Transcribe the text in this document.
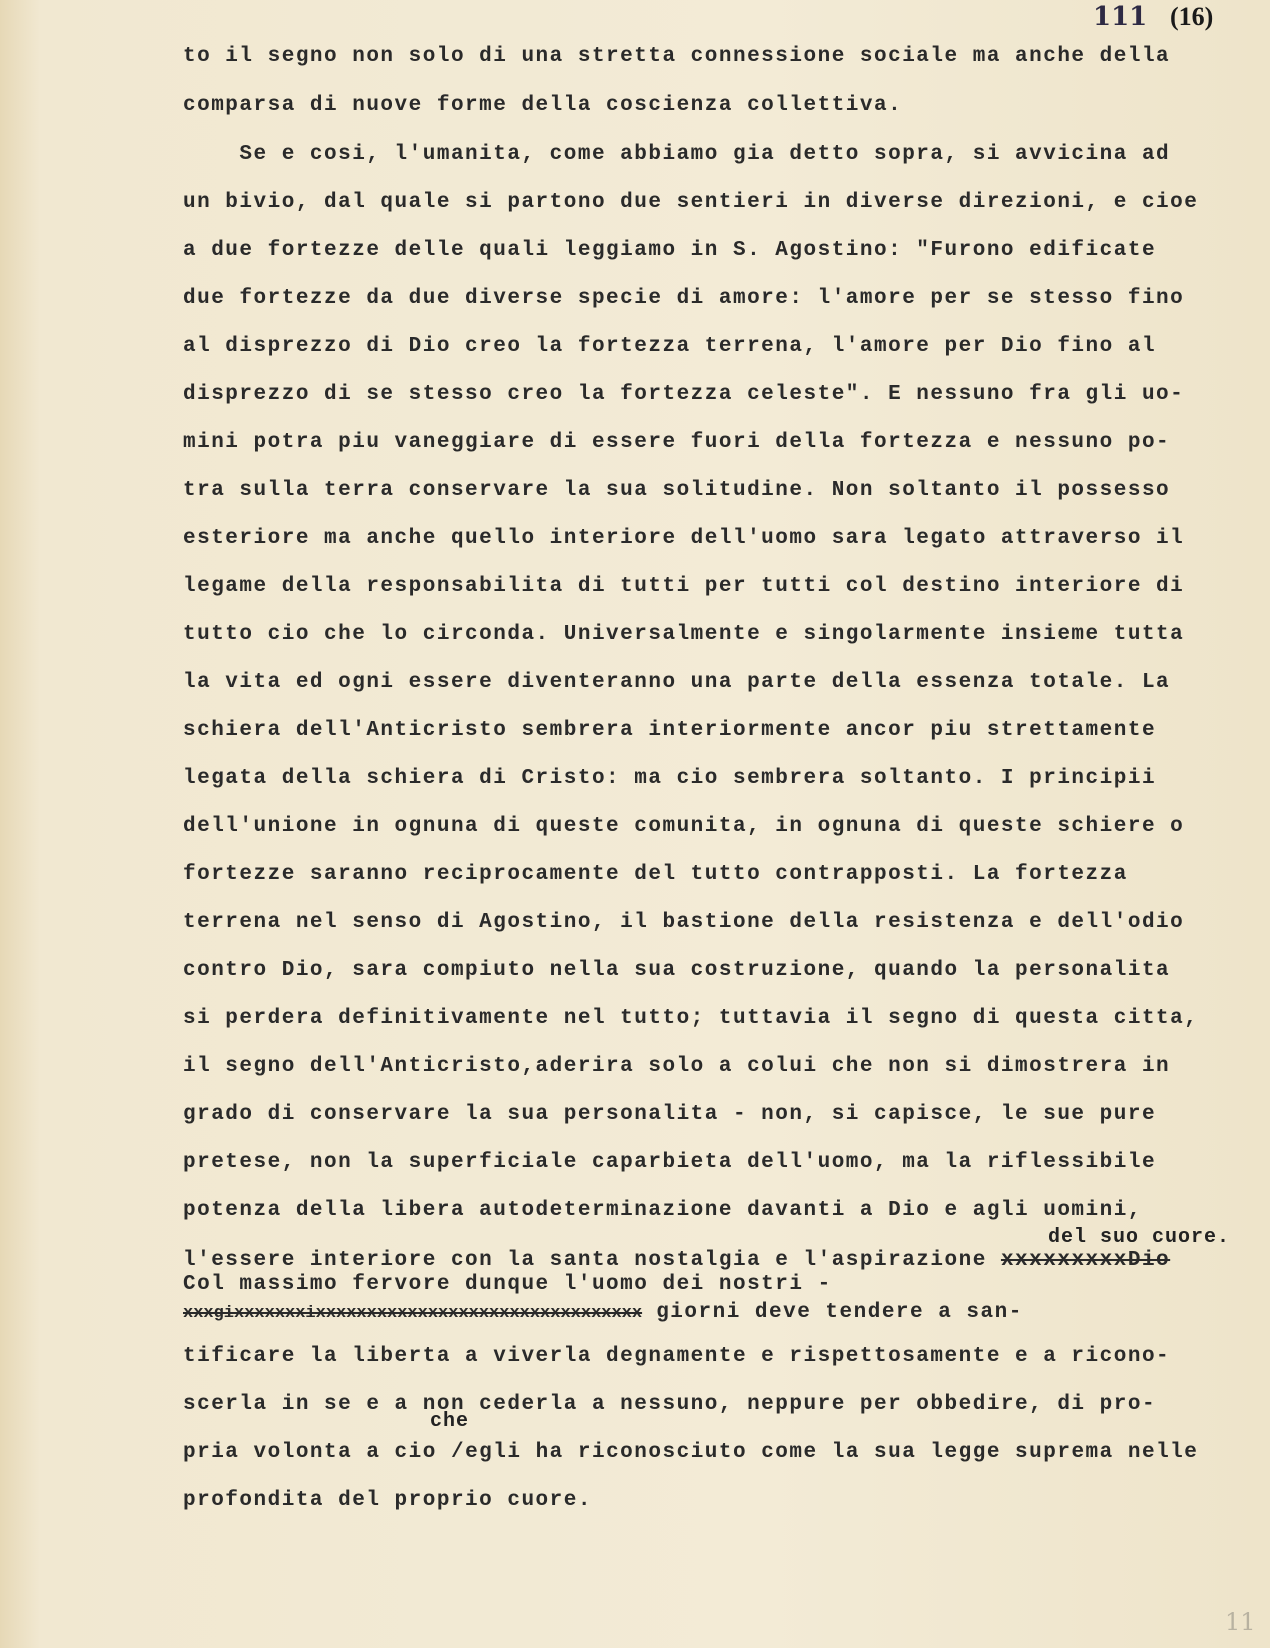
111 (16)
to il segno non solo di una stretta connessione sociale ma anche della
comparsa di nuove forme della coscienza collettiva.
Se e cosi, l'umanita, come abbiamo gia detto sopra, si avvicina ad
un bivio, dal quale si partono due sentieri in diverse direzioni, e cioe
a due fortezze delle quali leggiamo in S. Agostino: "Furono edificate
due fortezze da due diverse specie di amore: l'amore per se stesso fino
al disprezzo di Dio creo la fortezza terrena, l'amore per Dio fino al
disprezzo di se stesso creo la fortezza celeste". E nessuno fra gli uo-
mini potra piu vaneggiare di essere fuori della fortezza e nessuno po-
tra sulla terra conservare la sua solitudine. Non soltanto il possesso
esteriore ma anche quello interiore dell'uomo sara legato attraverso il
legame della responsabilita di tutti per tutti col destino interiore di
tutto cio che lo circonda. Universalmente e singolarmente insieme tutta
la vita ed ogni essere diventeranno una parte della essenza totale. La
schiera dell'Anticristo sembrera interiormente ancor piu strettamente
legata della schiera di Cristo: ma cio sembrera soltanto. I principii
dell'unione in ognuna di queste comunita, in ognuna di queste schiere o
fortezze saranno reciprocamente del tutto contrapposti. La fortezza
terrena nel senso di Agostino, il bastione della resistenza e dell'odio
contro Dio, sara compiuto nella sua costruzione, quando la personalita
si perdera definitivamente nel tutto; tuttavia il segno di questa citta,
il segno dell'Anticristo,aderira solo a colui che non si dimostrera in
grado di conservare la sua personalita - non, si capisce, le sue pure
pretese, non la superficiale caparbieta dell'uomo, ma la riflessibile
potenza della libera autodeterminazione davanti a Dio e agli uomini,
del suo cuore.
l'essere interiore con la santa nostalgia e l'aspirazione xxxxxxxxxDio
Col massimo fervore dunque l'uomo dei nostri -
xxxgixxxxxxxixxxxxxxxxxxxxxxxxxxxxxxxxxxxxxxx giorni deve tendere a san-
tificare la liberta a viverla degnamente e rispettosamente e a ricono-
scerla in se e a non cederla a nessuno, neppure per obbedire, di pro-
che
pria volonta a cio /egli ha riconosciuto come la sua legge suprema nelle
profondita del proprio cuore.
11
